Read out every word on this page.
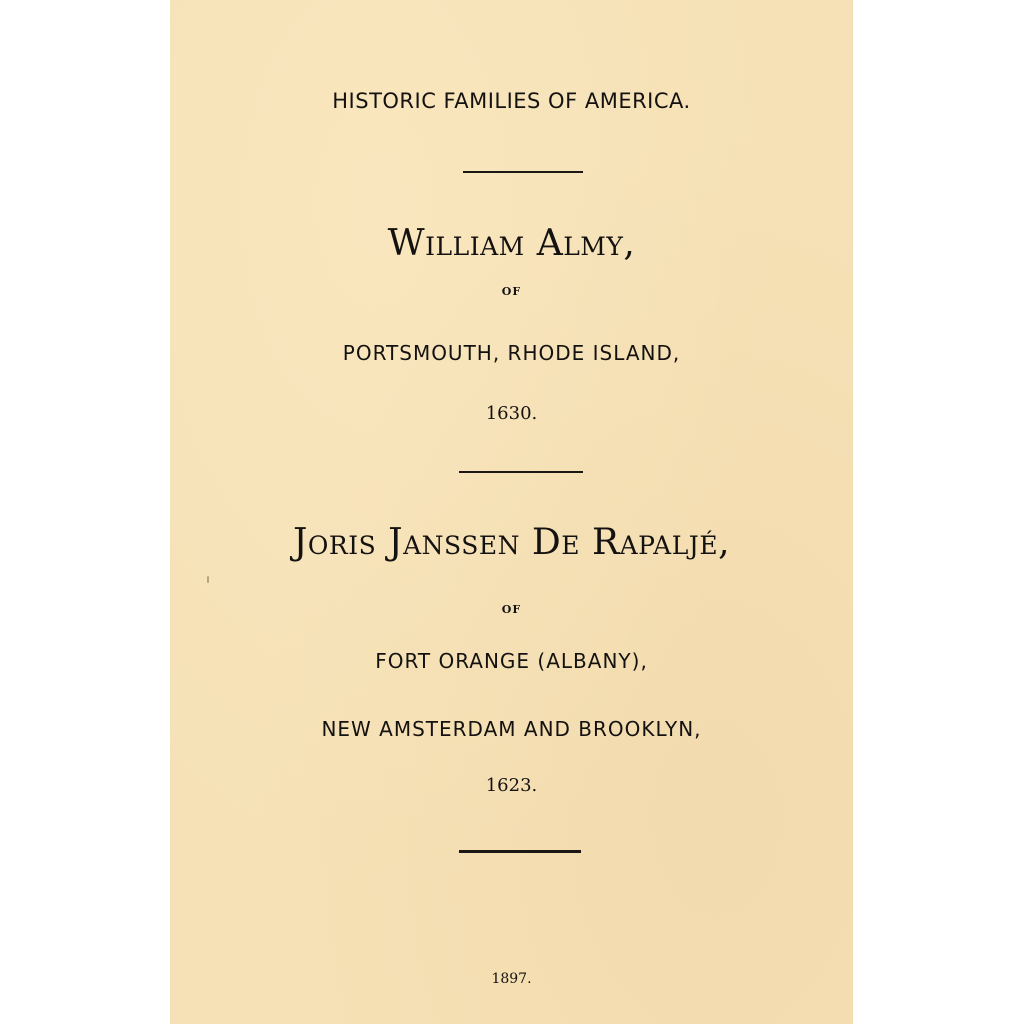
HISTORIC FAMILIES OF AMERICA.
William Almy,
OF
PORTSMOUTH, RHODE ISLAND,
1630.
Joris Janssen De Rapaljé,
OF
FORT ORANGE (ALBANY),
NEW AMSTERDAM AND BROOKLYN,
1623.
1897.
